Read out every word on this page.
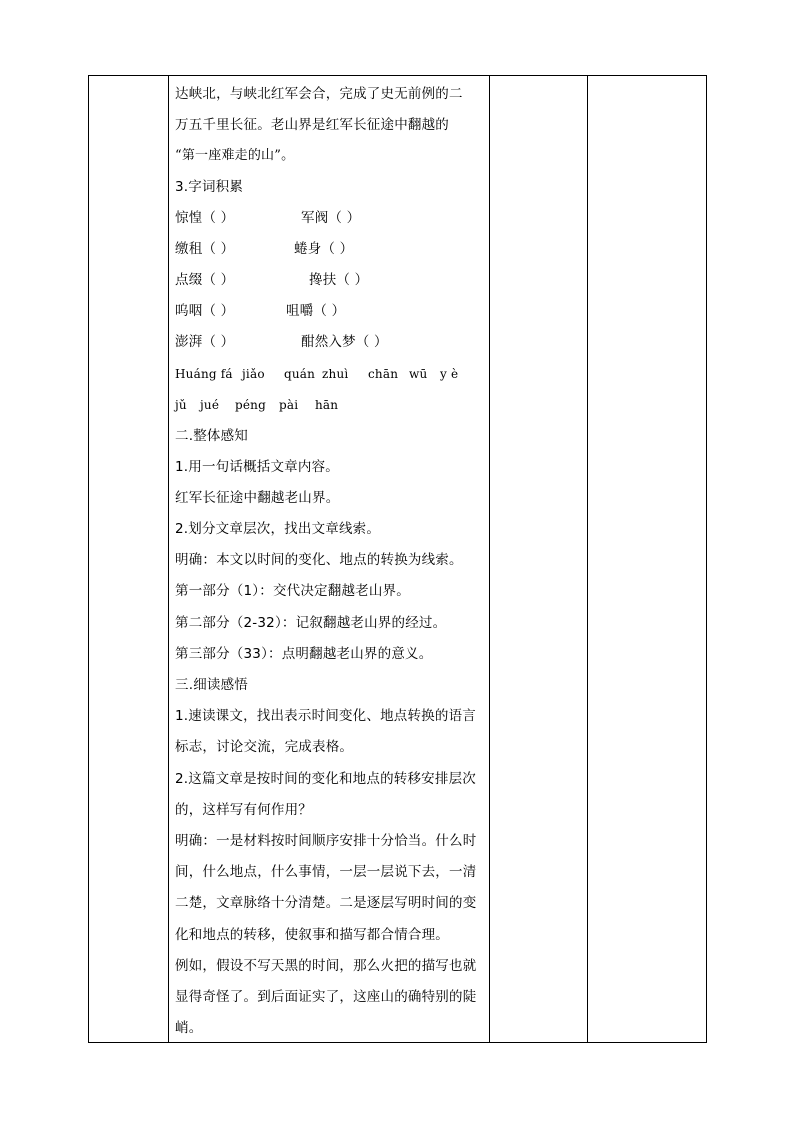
达峡北，与峡北红军会合，完成了史无前例的二
万五千里长征。老山界是红军长征途中翻越的
“第一座难走的山”。
3.字词积累
惊惶（ ）	军阀（ ）
缴租（ ）	蜷身（ ）
点缀（ ）	搀扶（ ）
呜咽（ ）	咀嚼（ ）
澎湃（ ）	酣然入梦（ ）
Huáng fá jiǎo quán zhuì chān wū y è
jǔ jué péng pài hān
二.整体感知
1.用一句话概括文章内容。
红军长征途中翻越老山界。
2.划分文章层次，找出文章线索。
明确：本文以时间的变化、地点的转换为线索。
第一部分（1）：交代决定翻越老山界。
第二部分（2-32）：记叙翻越老山界的经过。
第三部分（33）：点明翻越老山界的意义。
三.细读感悟
1.速读课文，找出表示时间变化、地点转换的语言
标志，讨论交流，完成表格。
2.这篇文章是按时间的变化和地点的转移安排层次
的，这样写有何作用？
明确：一是材料按时间顺序安排十分恰当。什么时
间，什么地点，什么事情，一层一层说下去，一清
二楚，文章脉络十分清楚。二是逐层写明时间的变
化和地点的转移，使叙事和描写都合情合理。
例如，假设不写天黑的时间，那么火把的描写也就
显得奇怪了。到后面证实了，这座山的确特别的陡
峭。
